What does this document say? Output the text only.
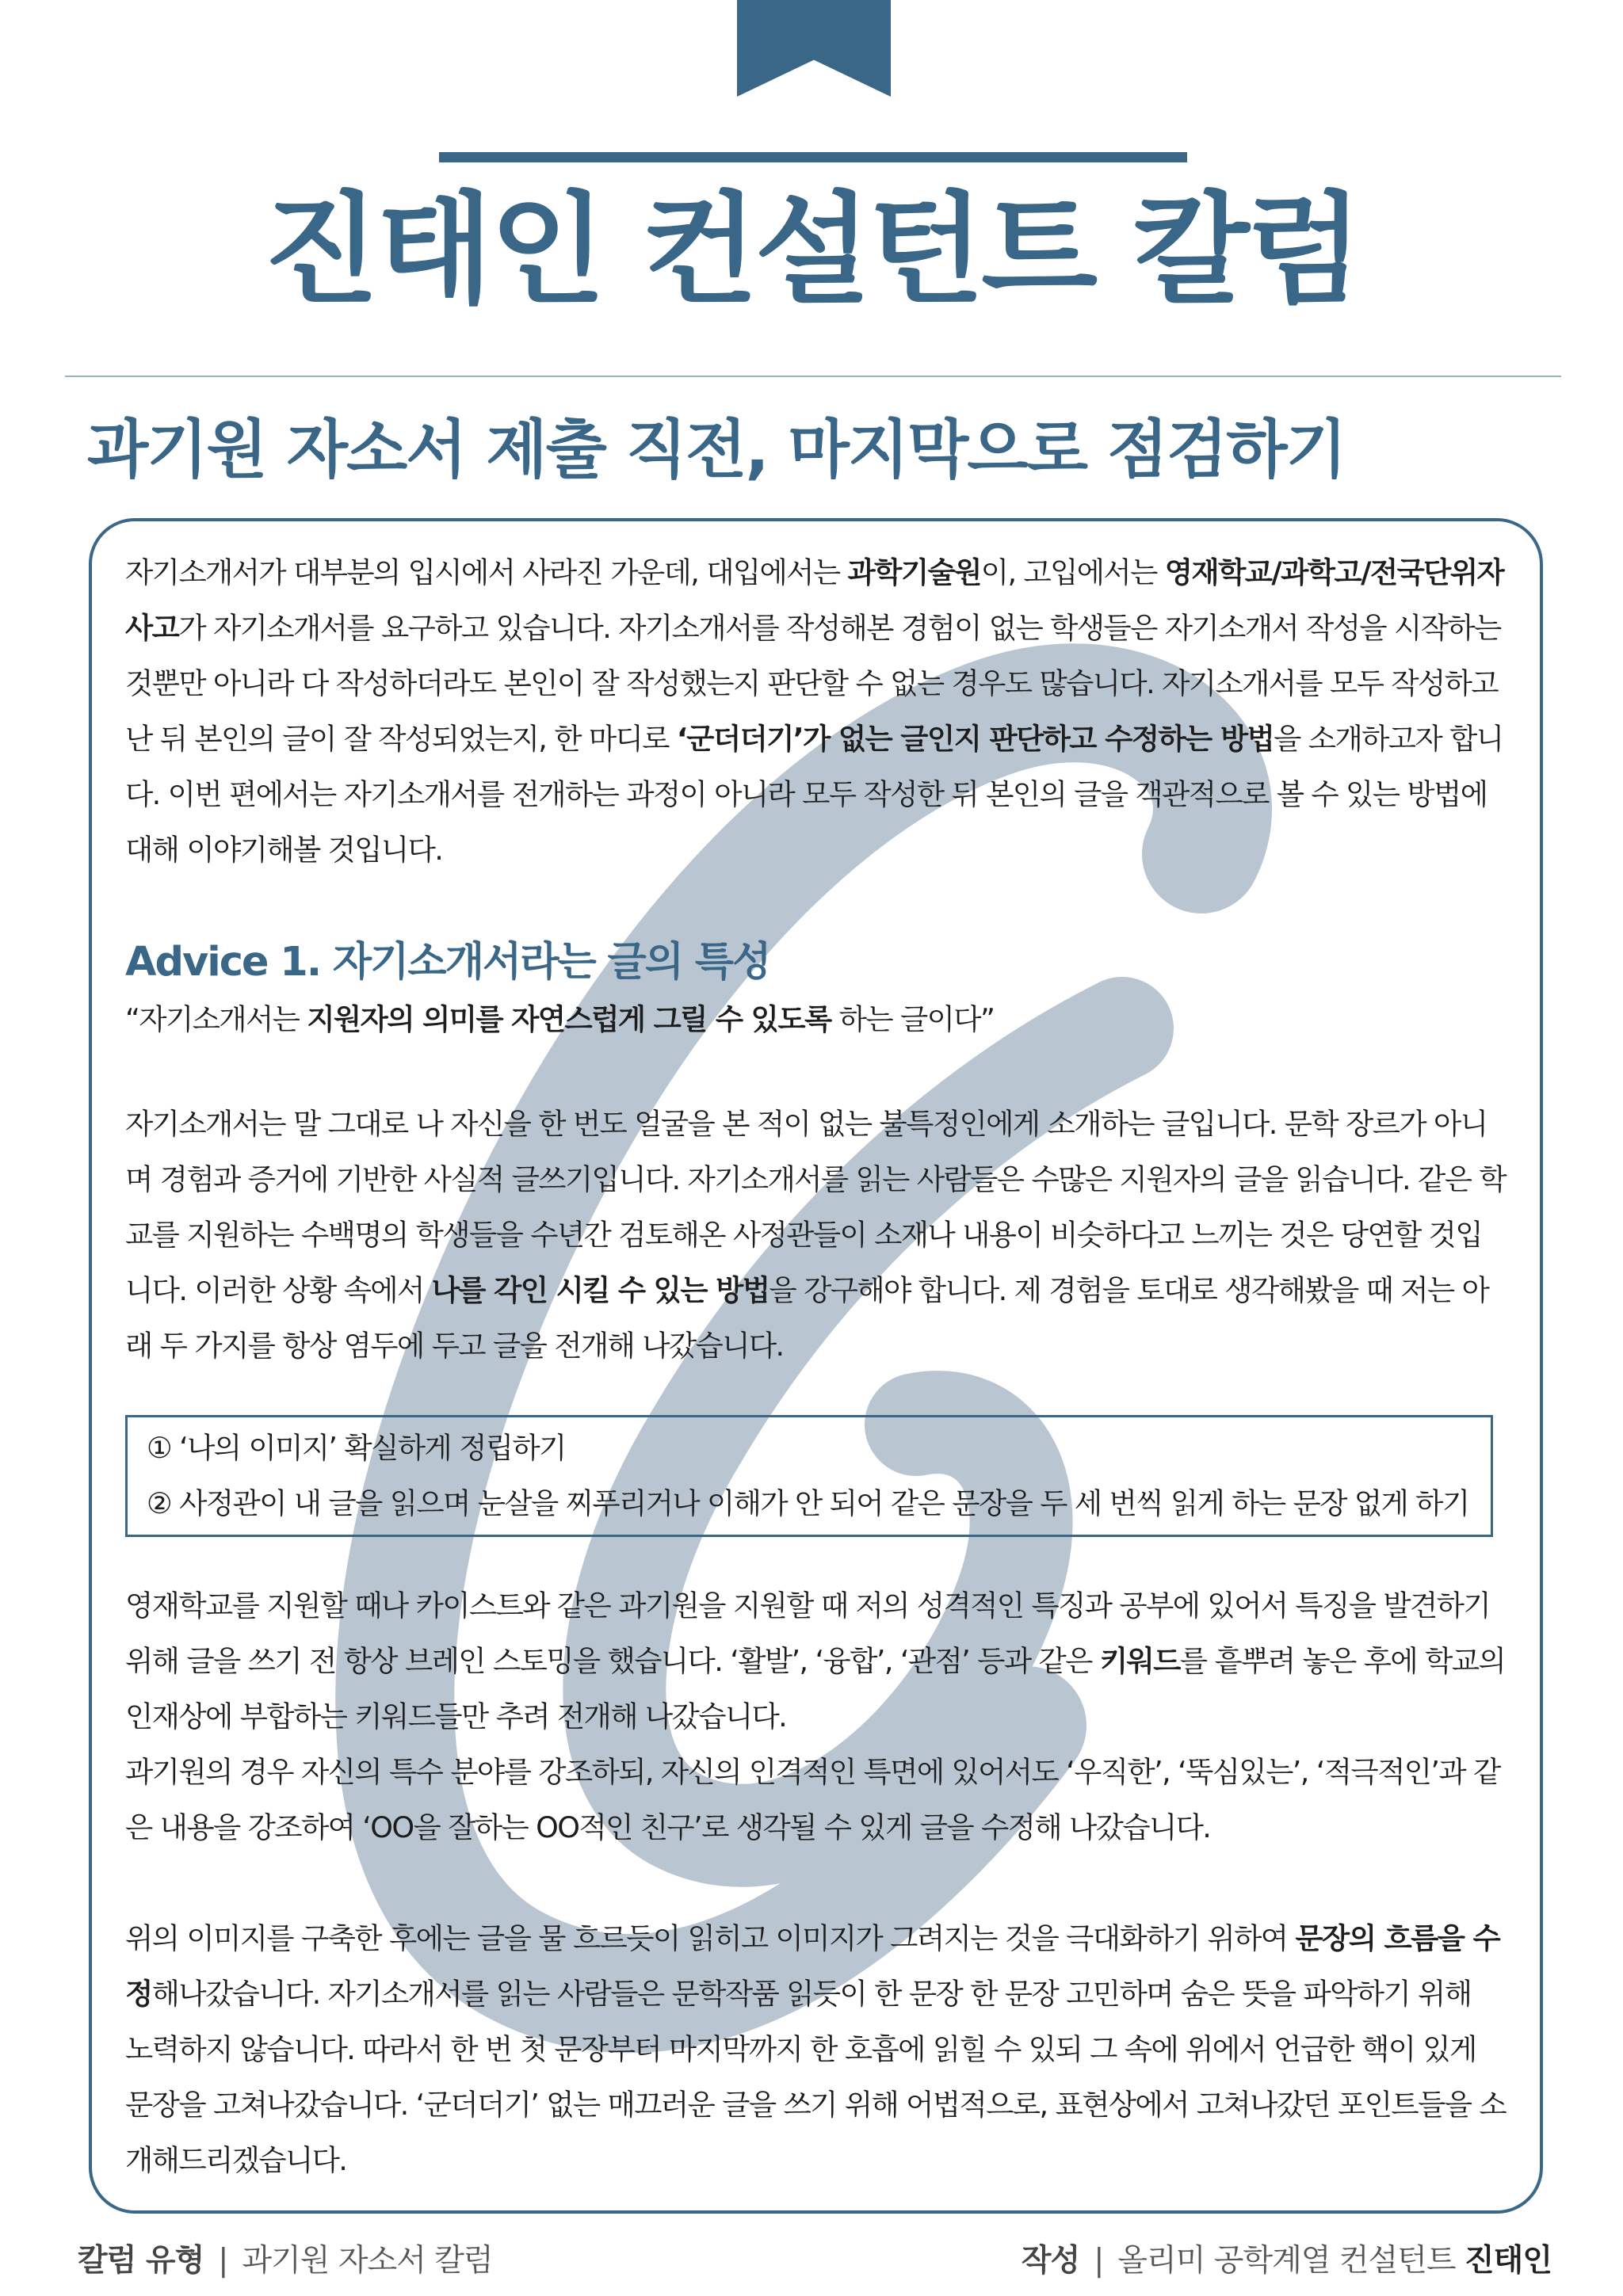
진태인 컨설턴트 칼럼
과기원 자소서 제출 직전, 마지막으로 점검하기

자기소개서가 대부분의 입시에서 사라진 가운데, 대입에서는 과학기술원이, 고입에서는 영재학교/과학고/전국단위자사고가 자기소개서를 요구하고 있습니다. 자기소개서를 작성해본 경험이 없는 학생들은 자기소개서 작성을 시작하는 것뿐만 아니라 다 작성하더라도 본인이 잘 작성했는지 판단할 수 없는 경우도 많습니다. 자기소개서를 모두 작성하고 난 뒤 본인의 글이 잘 작성되었는지, 한 마디로 ‘군더더기’가 없는 글인지 판단하고 수정하는 방법을 소개하고자 합니다. 이번 편에서는 자기소개서를 전개하는 과정이 아니라 모두 작성한 뒤 본인의 글을 객관적으로 볼 수 있는 방법에 대해 이야기해볼 것입니다.

Advice 1. 자기소개서라는 글의 특성

“자기소개서는 지원자의 의미를 자연스럽게 그릴 수 있도록 하는 글이다”

자기소개서는 말 그대로 나 자신을 한 번도 얼굴을 본 적이 없는 불특정인에게 소개하는 글입니다. 문학 장르가 아니며 경험과 증거에 기반한 사실적 글쓰기입니다. 자기소개서를 읽는 사람들은 수많은 지원자의 글을 읽습니다. 같은 학교를 지원하는 수백명의 학생들을 수년간 검토해온 사정관들이 소재나 내용이 비슷하다고 느끼는 것은 당연할 것입니다. 이러한 상황 속에서 나를 각인 시킬 수 있는 방법을 강구해야 합니다. 제 경험을 토대로 생각해봤을 때 저는 아래 두 가지를 항상 염두에 두고 글을 전개해 나갔습니다.

① ‘나의 이미지’ 확실하게 정립하기

② 사정관이 내 글을 읽으며 눈살을 찌푸리거나 이해가 안 되어 같은 문장을 두 세 번씩 읽게 하는 문장 없게 하기

영재학교를 지원할 때나 카이스트와 같은 과기원을 지원할 때 저의 성격적인 특징과 공부에 있어서 특징을 발견하기 위해 글을 쓰기 전 항상 브레인 스토밍을 했습니다. ‘활발’, ‘융합’, ‘관점’ 등과 같은 키워드를 흩뿌려 놓은 후에 학교의 인재상에 부합하는 키워드들만 추려 전개해 나갔습니다.

과기원의 경우 자신의 특수 분야를 강조하되, 자신의 인격적인 특면에 있어서도 ‘우직한’, ‘뚝심있는’, ‘적극적인’과 같은 내용을 강조하여 ‘OO을 잘하는 OO적인 친구’로 생각될 수 있게 글을 수정해 나갔습니다.

위의 이미지를 구축한 후에는 글을 물 흐르듯이 읽히고 이미지가 그려지는 것을 극대화하기 위하여 문장의 흐름을 수정해나갔습니다. 자기소개서를 읽는 사람들은 문학작품 읽듯이 한 문장 한 문장 고민하며 숨은 뜻을 파악하기 위해 노력하지 않습니다. 따라서 한 번 첫 문장부터 마지막까지 한 호흡에 읽힐 수 있되 그 속에 위에서 언급한 핵이 있게 문장을 고쳐나갔습니다. ‘군더더기’ 없는 매끄러운 글을 쓰기 위해 어법적으로, 표현상에서 고쳐나갔던 포인트들을 소개해드리겠습니다.

칼럼 유형 | 과기원 자소서 칼럼	작성 | 올리미 공학계열 컨설턴트 진태인
